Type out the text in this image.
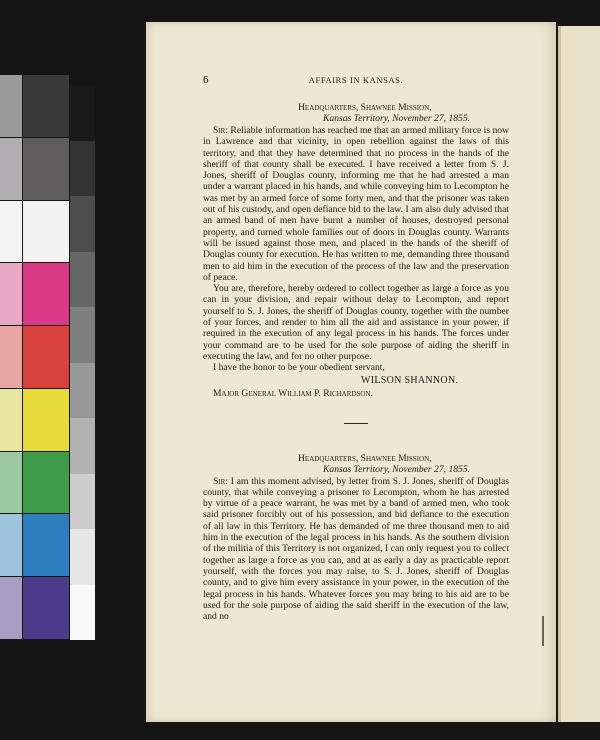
6	AFFAIRS IN KANSAS.
Headquarters, Shawnee Mission,
Kansas Territory, November 27, 1855.

Sir: Reliable information has reached me that an armed military force is now in Lawrence and that vicinity, in open rebellion against the laws of this territory, and that they have determined that no process in the hands of the sheriff of that county shall be executed. I have received a letter from S. J. Jones, sheriff of Douglas county, informing me that he had arrested a man under a warrant placed in his hands, and while conveying him to Lecompton he was met by an armed force of some forty men, and that the prisoner was taken out of his custody, and open defiance bid to the law. I am also duly advised that an armed band of men have burnt a number of houses, destroyed personal property, and turned whole families out of doors in Douglas county. Warrants will be issued against those men, and placed in the hands of the sheriff of Douglas county for execution. He has written to me, demanding three thousand men to aid him in the execution of the process of the law and the preservation of peace.

You are, therefore, hereby ordered to collect together as large a force as you can in your division, and repair without delay to Lecompton, and report yourself to S. J. Jones, the sheriff of Douglas county, together with the number of your forces, and render to him all the aid and assistance in your power, if required in the execution of any legal process in his hands. The forces under your command are to be used for the sole purpose of aiding the sheriff in executing the law, and for no other purpose.

I have the honor to be your obedient servant,

WILSON SHANNON.
Major General William P. Richardson.
Headquarters, Shawnee Mission,
Kansas Territory, November 27, 1855.

Sir: I am this moment advised, by letter from S. J. Jones, sheriff of Douglas county, that while conveying a prisoner to Lecompton, whom he has arrested by virtue of a peace warrant, he was met by a band of armed men, who took said prisoner forcibly out of his possession, and bid defiance to the execution of all law in this Territory. He has demanded of me three thousand men to aid him in the execution of the legal process in his hands. As the southern division of the militia of this Territory is not organized, I can only request you to collect together as large a force as you can, and at as early a day as practicable report yourself, with the forces you may raise, to S. J. Jones, sheriff of Douglas county, and to give him every assistance in your power, in the execution of the legal process in his hands. Whatever forces you may bring to his aid are to be used for the sole purpose of aiding the said sheriff in the execution of the law, and no
